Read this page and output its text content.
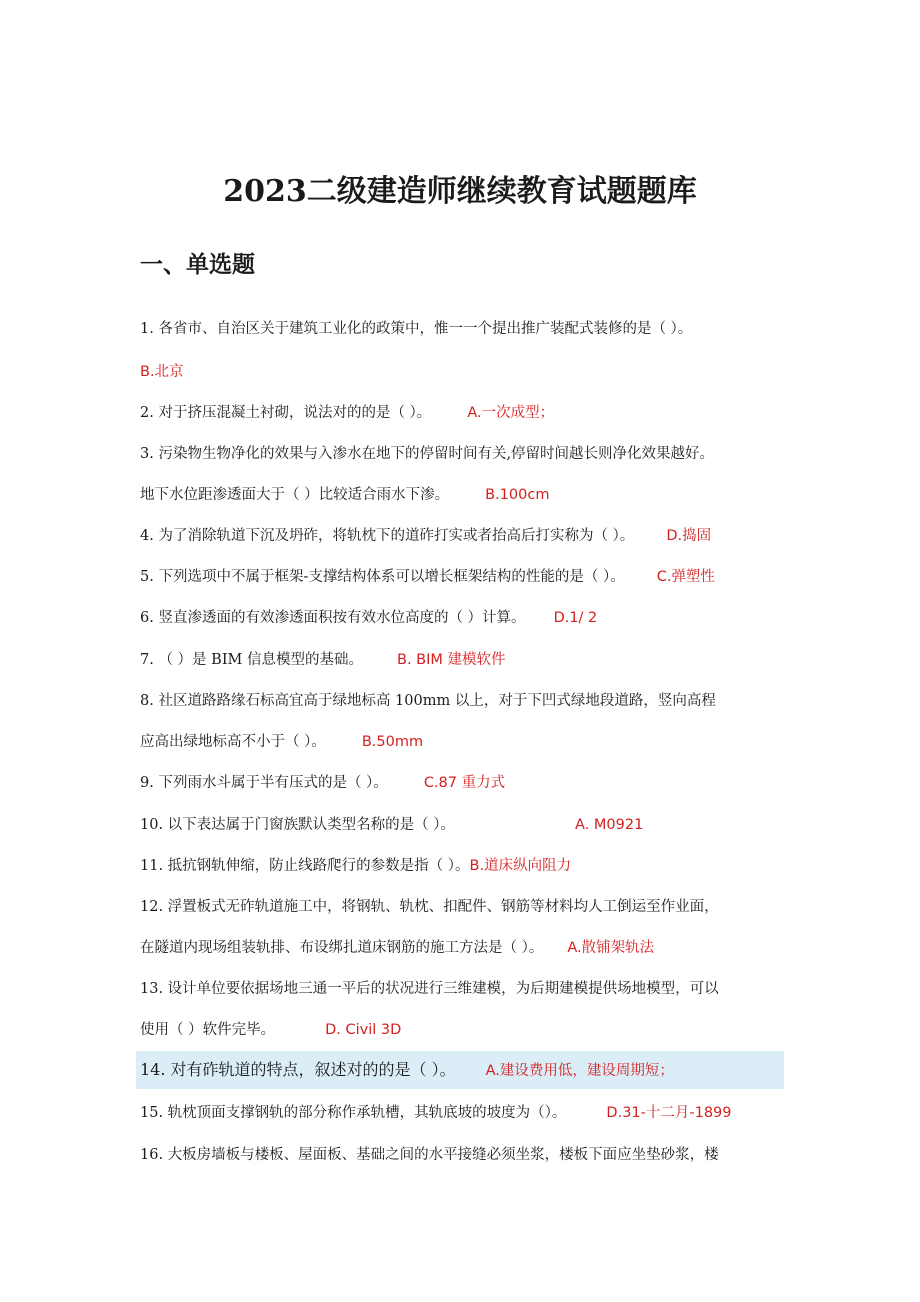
2023二级建造师继续教育试题题库
一、单选题
1. 各省市、自治区关于建筑工业化的政策中，惟一一个提出推广装配式装修的是（ ）。
B.北京
2. 对于挤压混凝土衬砌，说法对的的是（ ）。 A.一次成型；
3. 污染物生物净化的效果与入渗水在地下的停留时间有关,停留时间越长则净化效果越好。
地下水位距渗透面大于（ ）比较适合雨水下渗。 B.100cm
4. 为了消除轨道下沉及坍砟，将轨枕下的道砟打实或者抬高后打实称为（ ）。 D.捣固
5. 下列选项中不属于框架-支撑结构体系可以增长框架结构的性能的是（ ）。 C.弹塑性
6. 竖直渗透面的有效渗透面积按有效水位高度的（ ）计算。 D.1/ 2
7. （ ）是 BIM 信息模型的基础。 B. BIM 建模软件
8. 社区道路路缘石标高宜高于绿地标高 100mm 以上，对于下凹式绿地段道路，竖向高程
应高出绿地标高不小于（ ）。 B.50mm
9. 下列雨水斗属于半有压式的是（ ）。 C.87 重力式
10. 以下表达属于门窗族默认类型名称的是（ ）。	A. M0921
11. 抵抗钢轨伸缩，防止线路爬行的参数是指（ ）。B.道床纵向阻力
12. 浮置板式无砟轨道施工中，将钢轨、轨枕、扣配件、钢筋等材料均人工倒运至作业面，
在隧道内现场组装轨排、布设绑扎道床钢筋的施工方法是（ ）。 A.散铺架轨法
13. 设计单位要依据场地三通一平后的状况进行三维建模，为后期建模提供场地模型，可以
使用（ ）软件完毕。	D. Civil 3D
14. 对有砟轨道的特点，叙述对的的是（ ）。 A.建设费用低，建设周期短；
15. 轨枕顶面支撑钢轨的部分称作承轨槽，其轨底坡的坡度为（）。	D.31-十二月-1899
16. 大板房墙板与楼板、屋面板、基础之间的水平接缝必须坐浆，楼板下面应坐垫砂浆，楼
